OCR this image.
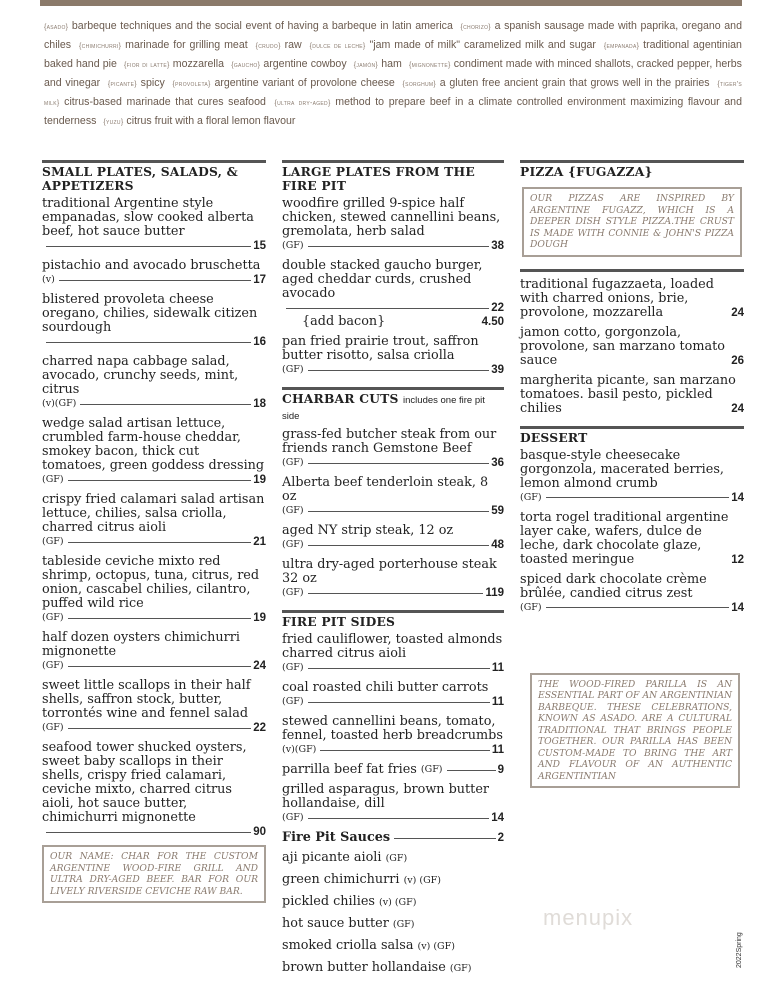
{asado} barbeque techniques and the social event of having a barbeque in latin america {chorizo} a spanish sausage made with paprika, oregano and chiles {chimichurri} marinade for grilling meat {crudo} raw {dulce de leche} "jam made of milk" caramelized milk and sugar {empanada} traditional agentinian baked hand pie {fior di latte} mozzarella {gaucho} argentine cowboy {jamón} ham {mignonette} condiment made with minced shallots, cracked pepper, herbs and vinegar {picante} spicy {provoleta} argentine variant of provolone cheese {sorghum} a gluten free ancient grain that grows well in the prairies {tiger's milk} citrus-based marinade that cures seafood {ultra dry-aged} method to prepare beef in a climate controlled environment maximizing flavour and tenderness {yuzu} citrus fruit with a floral lemon flavour
SMALL PLATES, SALADS, & APPETIZERS
traditional Argentine style empanadas, slow cooked alberta beef, hot sauce butter
15
pistachio and avocado bruschetta
(v)	17
blistered provoleta cheese oregano, chilies, sidewalk citizen sourdough
16
charred napa cabbage salad, avocado, crunchy seeds, mint, citrus
(v)(GF)	18
wedge salad artisan lettuce, crumbled farm-house cheddar, smokey bacon, thick cut tomatoes, green goddess dressing
(GF)	19
crispy fried calamari salad artisan lettuce, chilies, salsa criolla, charred citrus aioli
(GF)	21
tableside ceviche mixto red shrimp, octopus, tuna, citrus, red onion, cascabel chilies, cilantro, puffed wild rice
(GF)	19
half dozen oysters chimichurri mignonette
(GF)	24
sweet little scallops in their half shells, saffron stock, butter, torrontés wine and fennel salad
(GF)	22
seafood tower shucked oysters, sweet baby scallops in their shells, crispy fried calamari, ceviche mixto, charred citrus aioli, hot sauce butter, chimichurri mignonette
90
OUR NAME: CHAR FOR THE CUSTOM ARGENTINE WOOD-FIRE GRILL AND ULTRA DRY-AGED BEEF. BAR FOR OUR LIVELY RIVERSIDE CEVICHE RAW BAR.
LARGE PLATES FROM THE FIRE PIT
woodfire grilled 9-spice half chicken, stewed cannellini beans, gremolata, herb salad
(GF)	38
double stacked gaucho burger, aged cheddar curds, crushed avocado
22
{add bacon}	4.50
pan fried prairie trout, saffron butter risotto, salsa criolla
(GF)	39
CHARBAR CUTS includes one fire pit side
grass-fed butcher steak from our friends ranch Gemstone Beef
(GF)	36
Alberta beef tenderloin steak, 8 oz
(GF)	59
aged NY strip steak, 12 oz
(GF)	48
ultra dry-aged porterhouse steak 32 oz
(GF)	119
FIRE PIT SIDES
fried cauliflower, toasted almonds charred citrus aioli
(GF)	11
coal roasted chili butter carrots
(GF)	11
stewed cannellini beans, tomato, fennel, toasted herb breadcrumbs
(v)(GF)	11
parrilla beef fat fries
(GF)	9
grilled asparagus, brown butter hollandaise, dill
(GF)	14
Fire Pit Sauces	2
aji picante aioli (GF)
green chimichurri (v) (GF)
pickled chilies (v) (GF)
hot sauce butter (GF)
smoked criolla salsa (v) (GF)
brown butter hollandaise (GF)
PIZZA {FUGAZZA}
OUR PIZZAS ARE INSPIRED BY ARGENTINE FUGAZZ, WHICH IS A DEEPER DISH STYLE PIZZA.THE CRUST IS MADE WITH CONNIE & JOHN'S PIZZA DOUGH
traditional fugazzaeta, loaded with charred onions, brie, provolone, mozzarella	24
jamon cotto, gorgonzola, provolone, san marzano tomato sauce	26
margherita picante, san marzano tomatoes. basil pesto, pickled chilies	24
DESSERT
basque-style cheesecake gorgonzola, macerated berries, lemon almond crumb
(GF)	14
torta rogel traditional argentine layer cake, wafers, dulce de leche, dark chocolate glaze, toasted meringue	12
spiced dark chocolate crème brûlée, candied citrus zest
(GF)	14
THE WOOD-FIRED PARILLA IS AN ESSENTIAL PART OF AN ARGENTINIAN BARBEQUE. THESE CELEBRATIONS, KNOWN AS ASADO. ARE A CULTURAL TRADITIONAL THAT BRINGS PEOPLE TOGETHER. OUR PARILLA HAS BEEN CUSTOM-MADE TO BRING THE ART AND FLAVOUR OF AN AUTHENTIC ARGENTINTIAN
menupix
2022Spring
